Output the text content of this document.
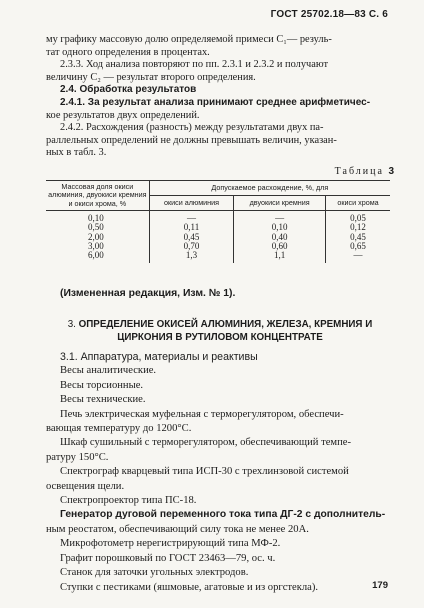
ГОСТ 25702.18—83 С. 6
му графику массовую долю определяемой примеси C₁— резуль-
тат одного определения в процентах.
2.3.3. Ход анализа повторяют по пп. 2.3.1 и 2.3.2 и получают
величину C₂ — результат второго определения.
2.4. Обработка результатов
2.4.1. За результат анализа принимают среднее арифметичес-
кое результатов двух определений.
2.4.2. Расхождения (разность) между результатами двух па-
раллельных определений не должны превышать величин, указан-
ных в табл. 3.
Таблица 3
Массовая доля окиси алюминия, двуокиси кремния и окиси хрома, %	Допускаемое расхождение, %, для		
	окиси алюминия	двуокиси кремния	окиси хрома
0,10	—	—	0,05
0,50	0,11	0,10	0,12
2,00	0,45	0,40	0,45
3,00	0,70	0,60	0,65
6,00	1,3	1,1	—
(Измененная редакция, Изм. № 1).
3. ОПРЕДЕЛЕНИЕ ОКИСЕЙ АЛЮМИНИЯ, ЖЕЛЕЗА, КРЕМНИЯ И
ЦИРКОНИЯ В РУТИЛОВОМ КОНЦЕНТРАТЕ
3.1. Аппаратура, материалы и реактивы
Весы аналитические.
Весы торсионные.
Весы технические.
Печь электрическая муфельная с терморегулятором, обеспечи-
вающая температуру до 1200°C.
Шкаф сушильный с терморегулятором, обеспечивающий темпе-
ратуру 150°C.
Спектрограф кварцевый типа ИСП-30 с трехлинзовой системой
освещения щели.
Спектропроектор типа ПС-18.
Генератор дуговой переменного тока типа ДГ-2 с дополнитель-
ным реостатом, обеспечивающий силу тока не менее 20А.
Микрофотометр нерегистрирующий типа МФ-2.
Графит порошковый по ГОСТ 23463—79, ос. ч.
Станок для заточки угольных электродов.
Ступки с пестиками (яшмовые, агатовые и из оргстекла).	179
